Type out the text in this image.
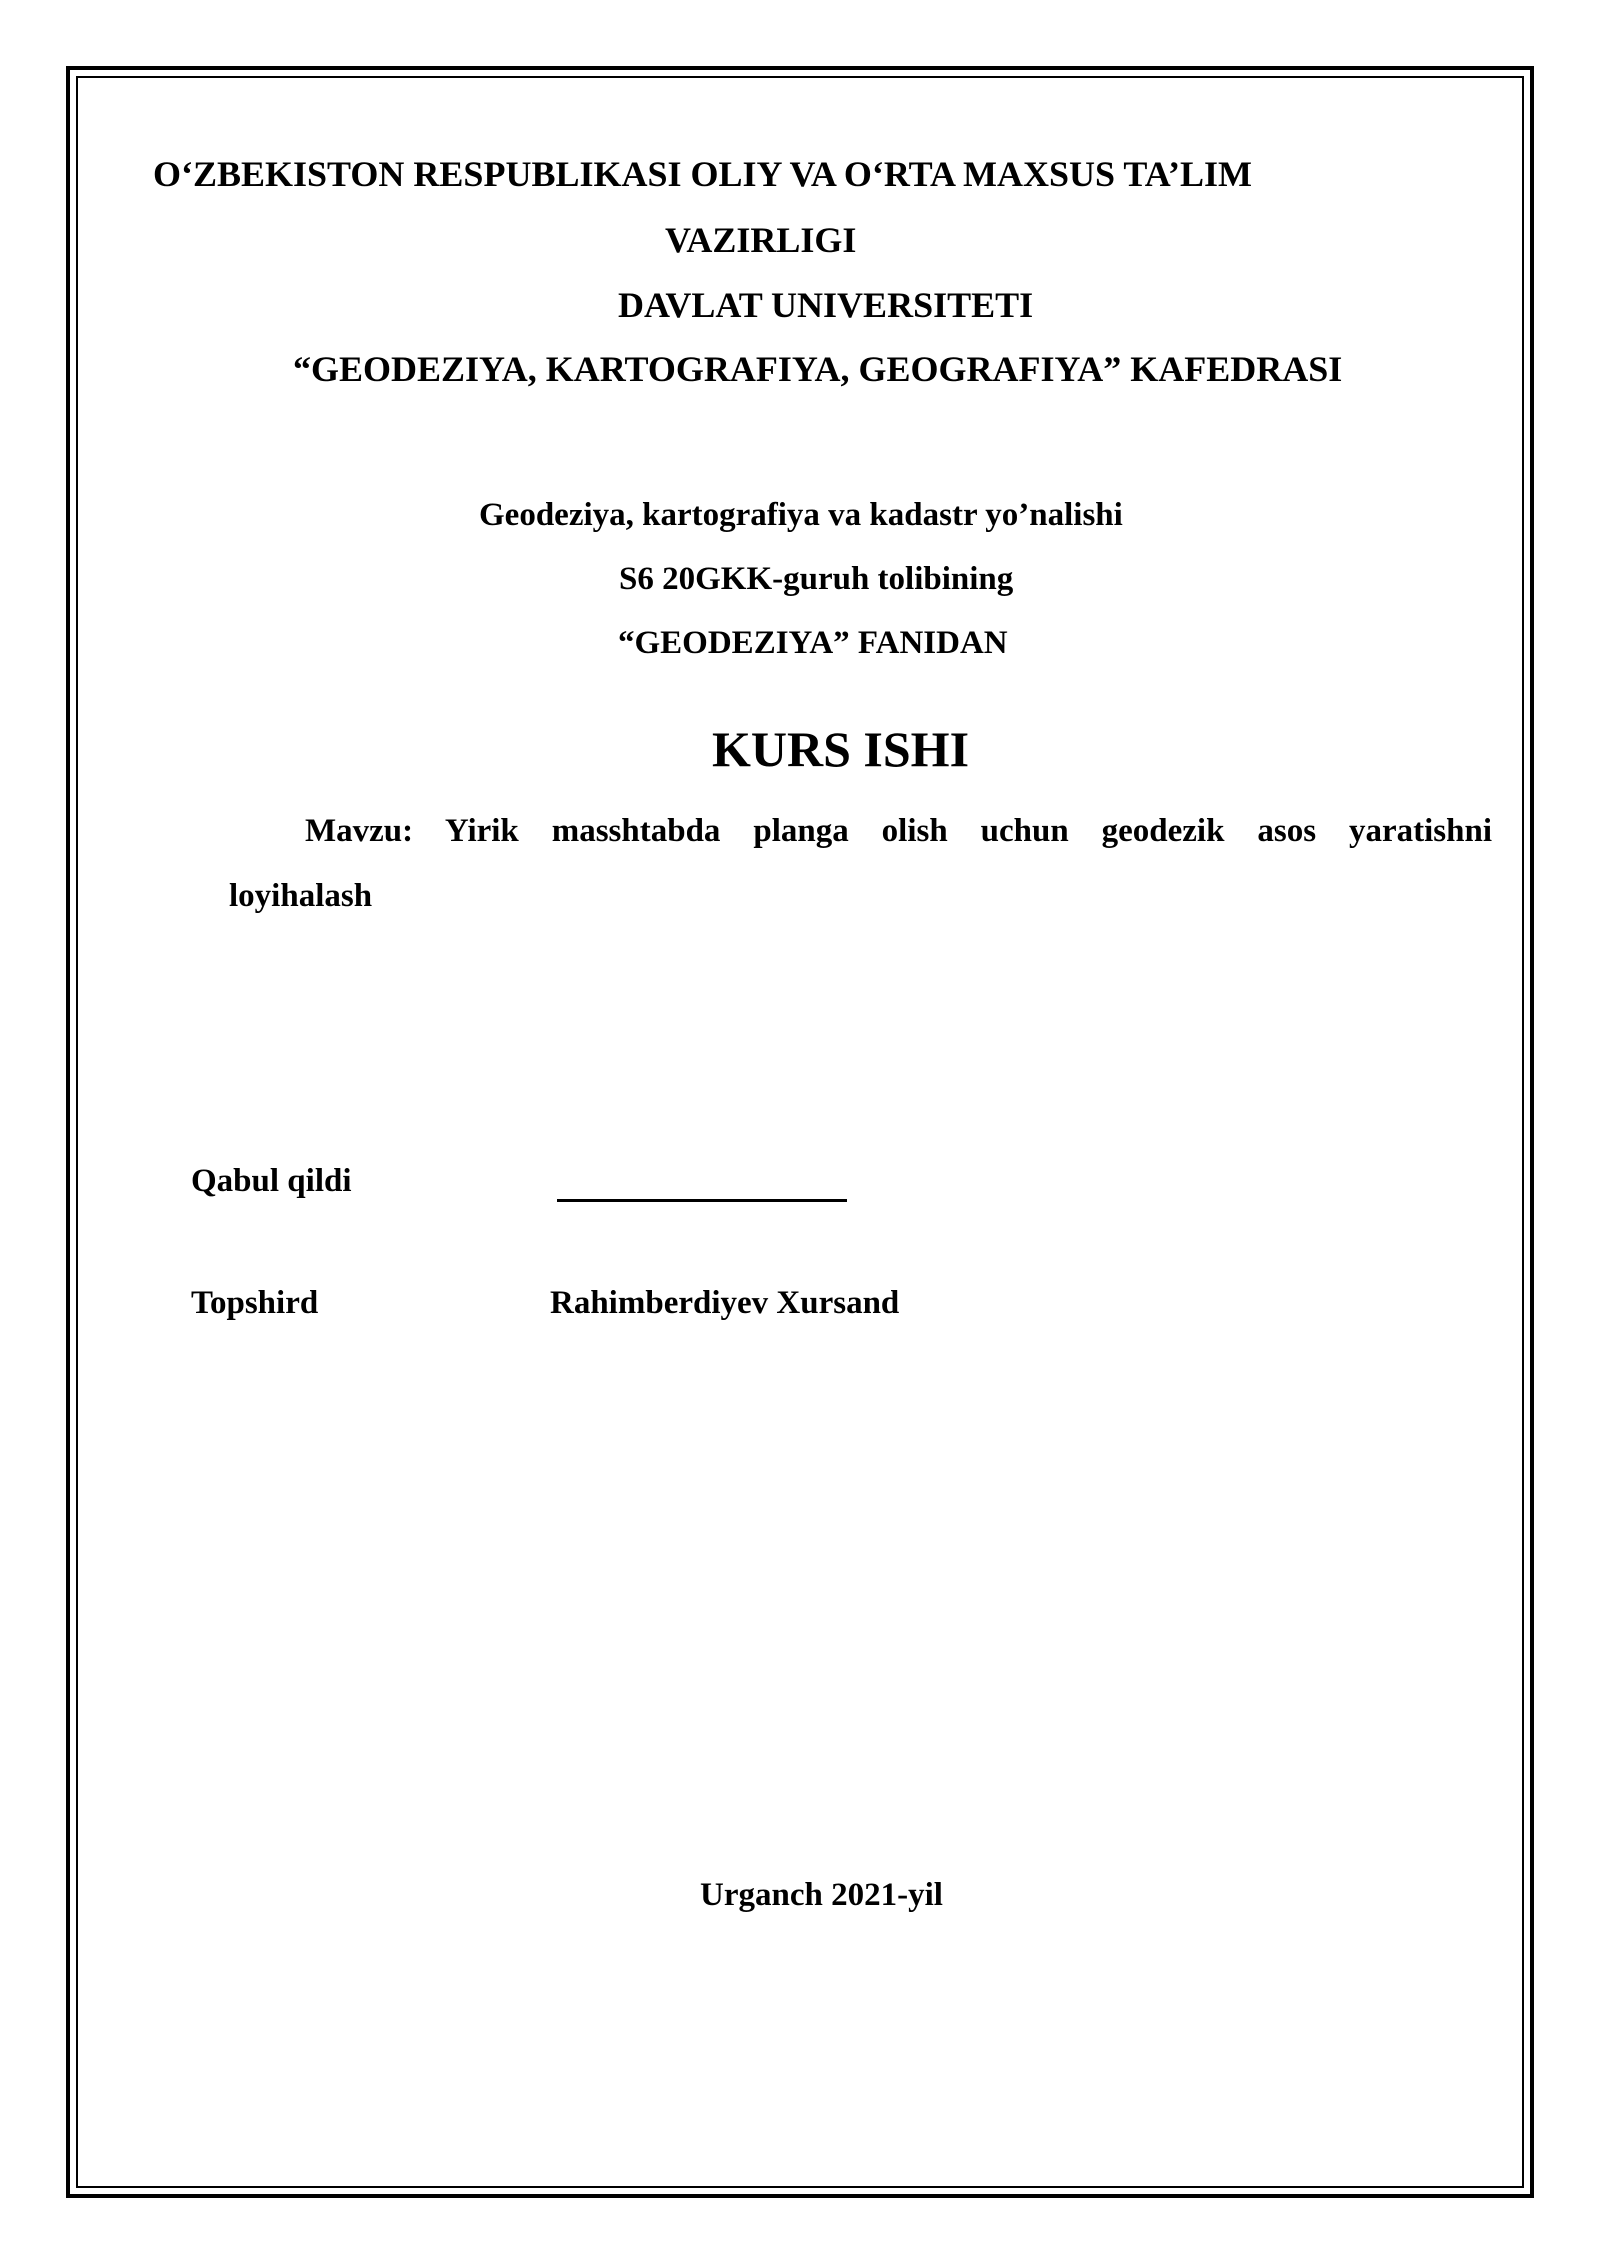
O‘ZBEKISTON RESPUBLIKASI OLIY VA O‘RTA MAXSUS TA’LIM
VAZIRLIGI
DAVLAT UNIVERSITETI
“GEODEZIYA, KARTOGRAFIYA, GEOGRAFIYA” KAFEDRASI
Geodeziya, kartografiya va kadastr yo’nalishi
S6 20GKK-guruh tolibining
“GEODEZIYA” FANIDAN
KURS ISHI
Mavzu: Yirik masshtabda planga olish uchun geodezik asos yaratishni
loyihalash
Qabul qildi
Topshird	Rahimberdiyev Xursand
Urganch 2021-yil
